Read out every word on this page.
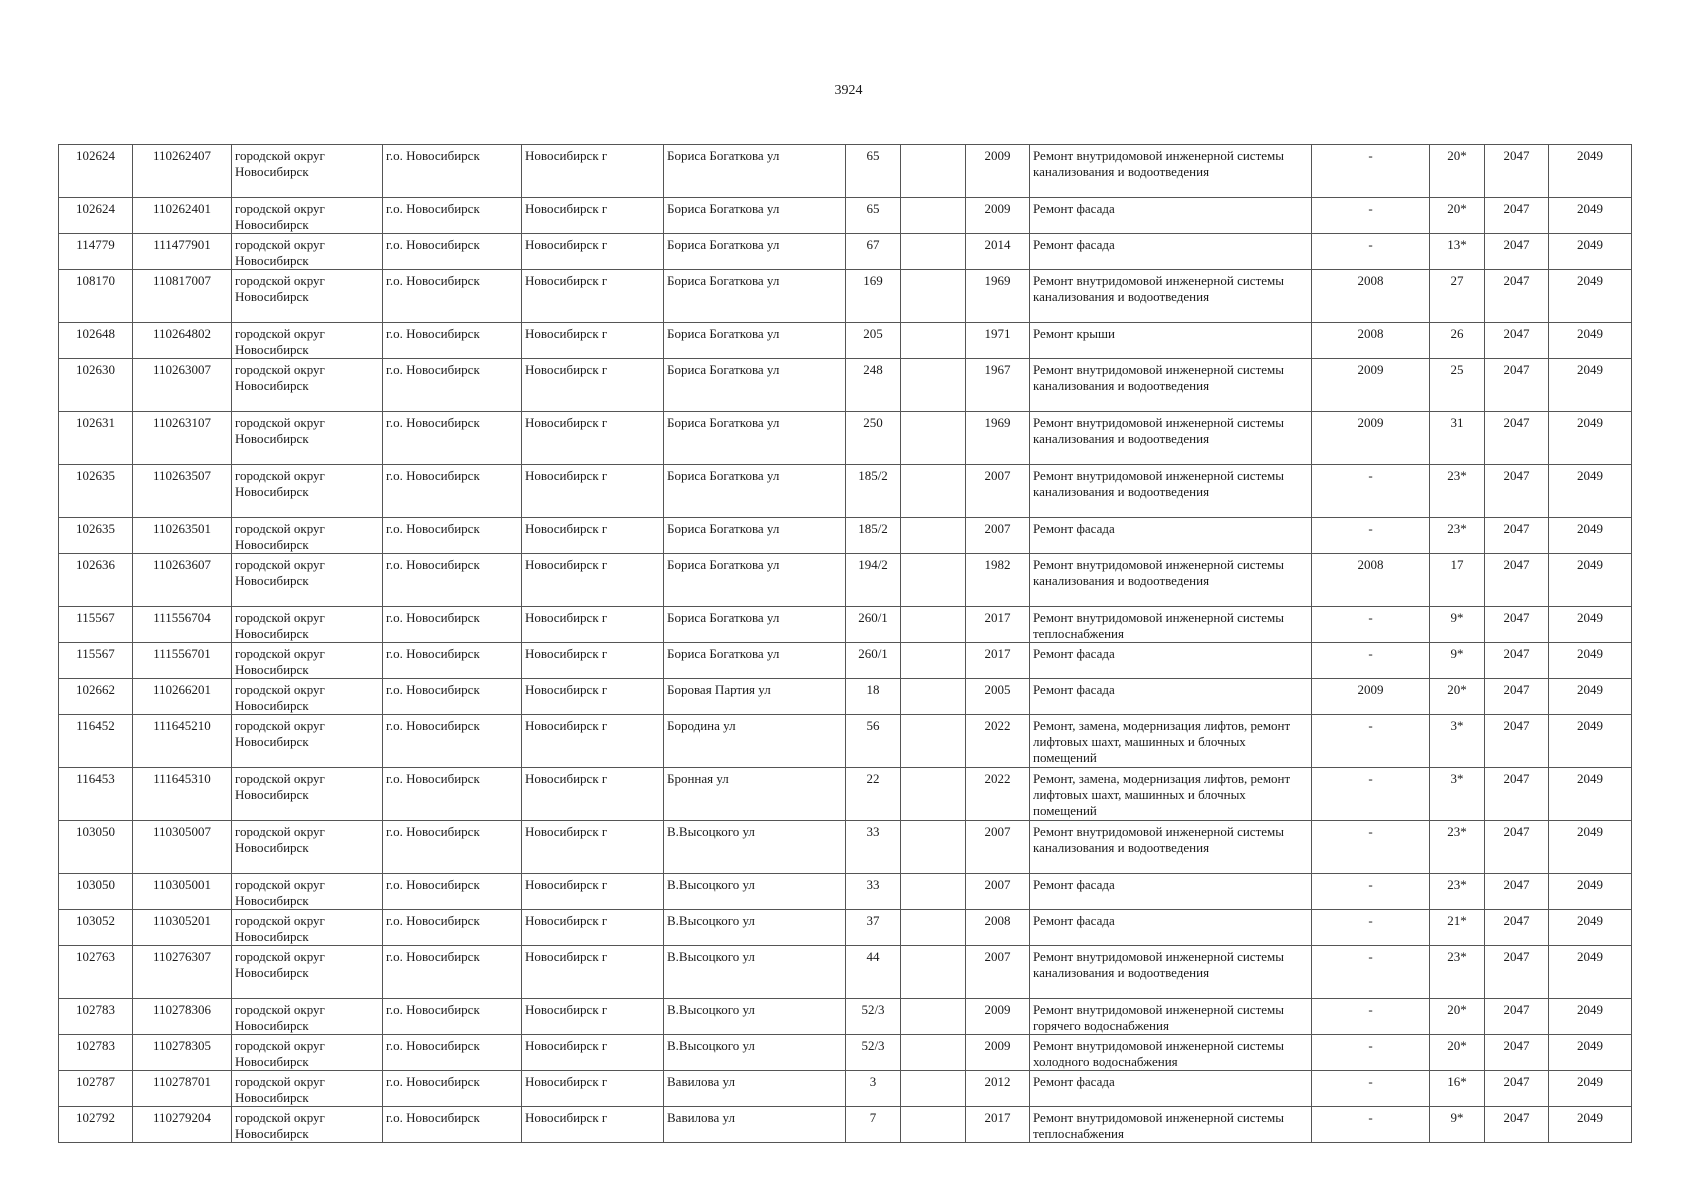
3924
102624	110262407	городской округ Новосибирск	г.о. Новосибирск	Новосибирск г	Бориса Богаткова ул	65		2009	Ремонт внутридомовой инженерной системы канализования и водоотведения	-	20*	2047	2049
102624	110262401	городской округ Новосибирск	г.о. Новосибирск	Новосибирск г	Бориса Богаткова ул	65		2009	Ремонт фасада	-	20*	2047	2049
114779	111477901	городской округ Новосибирск	г.о. Новосибирск	Новосибирск г	Бориса Богаткова ул	67		2014	Ремонт фасада	-	13*	2047	2049
108170	110817007	городской округ Новосибирск	г.о. Новосибирск	Новосибирск г	Бориса Богаткова ул	169		1969	Ремонт внутридомовой инженерной системы канализования и водоотведения	2008	27	2047	2049
102648	110264802	городской округ Новосибирск	г.о. Новосибирск	Новосибирск г	Бориса Богаткова ул	205		1971	Ремонт крыши	2008	26	2047	2049
102630	110263007	городской округ Новосибирск	г.о. Новосибирск	Новосибирск г	Бориса Богаткова ул	248		1967	Ремонт внутридомовой инженерной системы канализования и водоотведения	2009	25	2047	2049
102631	110263107	городской округ Новосибирск	г.о. Новосибирск	Новосибирск г	Бориса Богаткова ул	250		1969	Ремонт внутридомовой инженерной системы канализования и водоотведения	2009	31	2047	2049
102635	110263507	городской округ Новосибирск	г.о. Новосибирск	Новосибирск г	Бориса Богаткова ул	185/2		2007	Ремонт внутридомовой инженерной системы канализования и водоотведения	-	23*	2047	2049
102635	110263501	городской округ Новосибирск	г.о. Новосибирск	Новосибирск г	Бориса Богаткова ул	185/2		2007	Ремонт фасада	-	23*	2047	2049
102636	110263607	городской округ Новосибирск	г.о. Новосибирск	Новосибирск г	Бориса Богаткова ул	194/2		1982	Ремонт внутридомовой инженерной системы канализования и водоотведения	2008	17	2047	2049
115567	111556704	городской округ Новосибирск	г.о. Новосибирск	Новосибирск г	Бориса Богаткова ул	260/1		2017	Ремонт внутридомовой инженерной системы теплоснабжения	-	9*	2047	2049
115567	111556701	городской округ Новосибирск	г.о. Новосибирск	Новосибирск г	Бориса Богаткова ул	260/1		2017	Ремонт фасада	-	9*	2047	2049
102662	110266201	городской округ Новосибирск	г.о. Новосибирск	Новосибирск г	Боровая Партия ул	18		2005	Ремонт фасада	2009	20*	2047	2049
116452	111645210	городской округ Новосибирск	г.о. Новосибирск	Новосибирск г	Бородина ул	56		2022	Ремонт, замена, модернизация лифтов, ремонт лифтовых шахт, машинных и блочных помещений	-	3*	2047	2049
116453	111645310	городской округ Новосибирск	г.о. Новосибирск	Новосибирск г	Бронная ул	22		2022	Ремонт, замена, модернизация лифтов, ремонт лифтовых шахт, машинных и блочных помещений	-	3*	2047	2049
103050	110305007	городской округ Новосибирск	г.о. Новосибирск	Новосибирск г	В.Высоцкого ул	33		2007	Ремонт внутридомовой инженерной системы канализования и водоотведения	-	23*	2047	2049
103050	110305001	городской округ Новосибирск	г.о. Новосибирск	Новосибирск г	В.Высоцкого ул	33		2007	Ремонт фасада	-	23*	2047	2049
103052	110305201	городской округ Новосибирск	г.о. Новосибирск	Новосибирск г	В.Высоцкого ул	37		2008	Ремонт фасада	-	21*	2047	2049
102763	110276307	городской округ Новосибирск	г.о. Новосибирск	Новосибирск г	В.Высоцкого ул	44		2007	Ремонт внутридомовой инженерной системы канализования и водоотведения	-	23*	2047	2049
102783	110278306	городской округ Новосибирск	г.о. Новосибирск	Новосибирск г	В.Высоцкого ул	52/3		2009	Ремонт внутридомовой инженерной системы горячего водоснабжения	-	20*	2047	2049
102783	110278305	городской округ Новосибирск	г.о. Новосибирск	Новосибирск г	В.Высоцкого ул	52/3		2009	Ремонт внутридомовой инженерной системы холодного водоснабжения	-	20*	2047	2049
102787	110278701	городской округ Новосибирск	г.о. Новосибирск	Новосибирск г	Вавилова ул	3		2012	Ремонт фасада	-	16*	2047	2049
102792	110279204	городской округ Новосибирск	г.о. Новосибирск	Новосибирск г	Вавилова ул	7		2017	Ремонт внутридомовой инженерной системы теплоснабжения	-	9*	2047	2049
